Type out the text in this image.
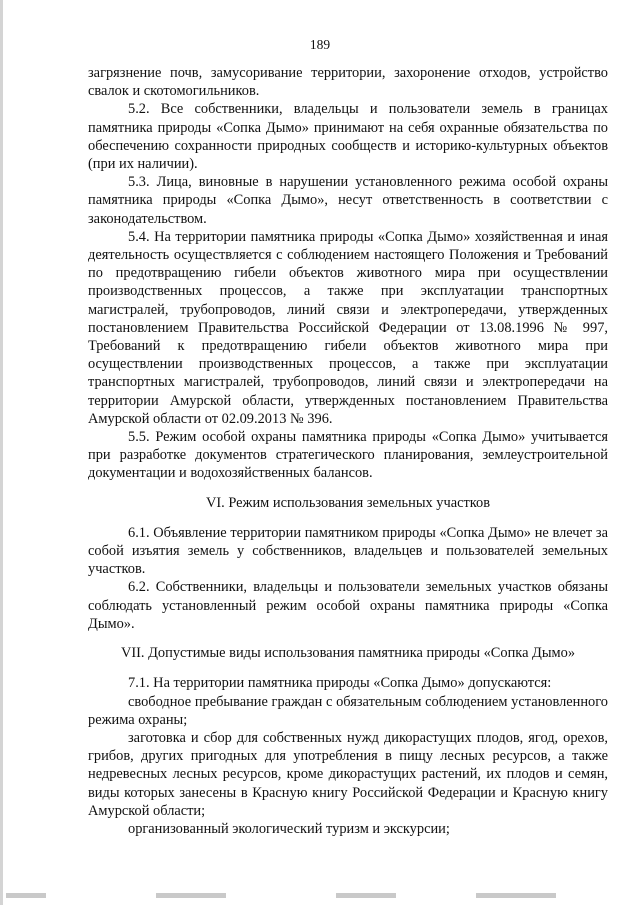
189

загрязнение почв, замусоривание территории, захоронение отходов, устройство свалок и скотомогильников.

5.2. Все собственники, владельцы и пользователи земель в границах памятника природы «Сопка Дымо» принимают на себя охранные обязательства по обеспечению сохранности природных сообществ и историко-культурных объектов (при их наличии).

5.3. Лица, виновные в нарушении установленного режима особой охраны памятника природы «Сопка Дымо», несут ответственность в соответствии с законодательством.

5.4. На территории памятника природы «Сопка Дымо» хозяйственная и иная деятельность осуществляется с соблюдением настоящего Положения и Требований по предотвращению гибели объектов животного мира при осуществлении производственных процессов, а также при эксплуатации транспортных магистралей, трубопроводов, линий связи и электропередачи, утвержденных постановлением Правительства Российской Федерации от 13.08.1996 № 997, Требований к предотвращению гибели объектов животного мира при осуществлении производственных процессов, а также при эксплуатации транспортных магистралей, трубопроводов, линий связи и электропередачи на территории Амурской области, утвержденных постановлением Правительства Амурской области от 02.09.2013 № 396.

5.5. Режим особой охраны памятника природы «Сопка Дымо» учитывается при разработке документов стратегического планирования, землеустроительной документации и водохозяйственных балансов.

VI. Режим использования земельных участков

6.1. Объявление территории памятником природы «Сопка Дымо» не влечет за собой изъятия земель у собственников, владельцев и пользователей земельных участков.

6.2. Собственники, владельцы и пользователи земельных участков обязаны соблюдать установленный режим особой охраны памятника природы «Сопка Дымо».

VII. Допустимые виды использования памятника природы «Сопка Дымо»

7.1. На территории памятника природы «Сопка Дымо» допускаются:

свободное пребывание граждан с обязательным соблюдением установленного режима охраны;

заготовка и сбор для собственных нужд дикорастущих плодов, ягод, орехов, грибов, других пригодных для употребления в пищу лесных ресурсов, а также недревесных лесных ресурсов, кроме дикорастущих растений, их плодов и семян, виды которых занесены в Красную книгу Российской Федерации и Красную книгу Амурской области;

организованный экологический туризм и экскурсии;
